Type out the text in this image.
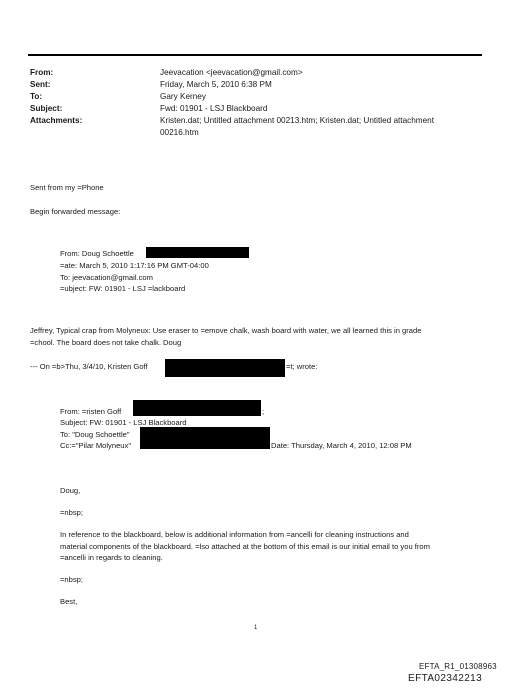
From:	Jeevacation <jeevacation@gmail.com>
Sent:	Friday, March 5, 2010 6:38 PM
To:	Gary Kerney
Subject:	Fwd: 01901 - LSJ Blackboard
Attachments:	Kristen.dat; Untitled attachment 00213.htm; Kristen.dat; Untitled attachment
00216.htm
Sent from my =Phone
Begin forwarded message:
From: Doug Schoettle
=ate: March 5, 2010 1:17:16 PM GMT-04:00
To: jeevacation@gmail.com
=ubject: FW: 01901 - LSJ =lackboard
Jeffrey, Typical crap from Molyneux: Use eraser to =emove chalk, wash board with water, we all learned this in grade
=chool. The board does not take chalk. Doug
--- On =b>Thu, 3/4/10, Kristen Goff	=t; wrote:
From: =risten Goff	;
Subject: FW: 01901 - LSJ Blackboard
To: "Doug Schoettle"
Cc:="Pilar Molyneux"	Date: Thursday, March 4, 2010, 12:08 PM
Doug,
=nbsp;
In reference to the blackboard, below is additional information from =ancelli for cleaning instructions and
material components of the blackboard. =lso attached at the bottom of this email is our initial email to you from
=ancelli in regards to cleaning.
=nbsp;
Best,
1
EFTA_R1_01308963
EFTA02342213
